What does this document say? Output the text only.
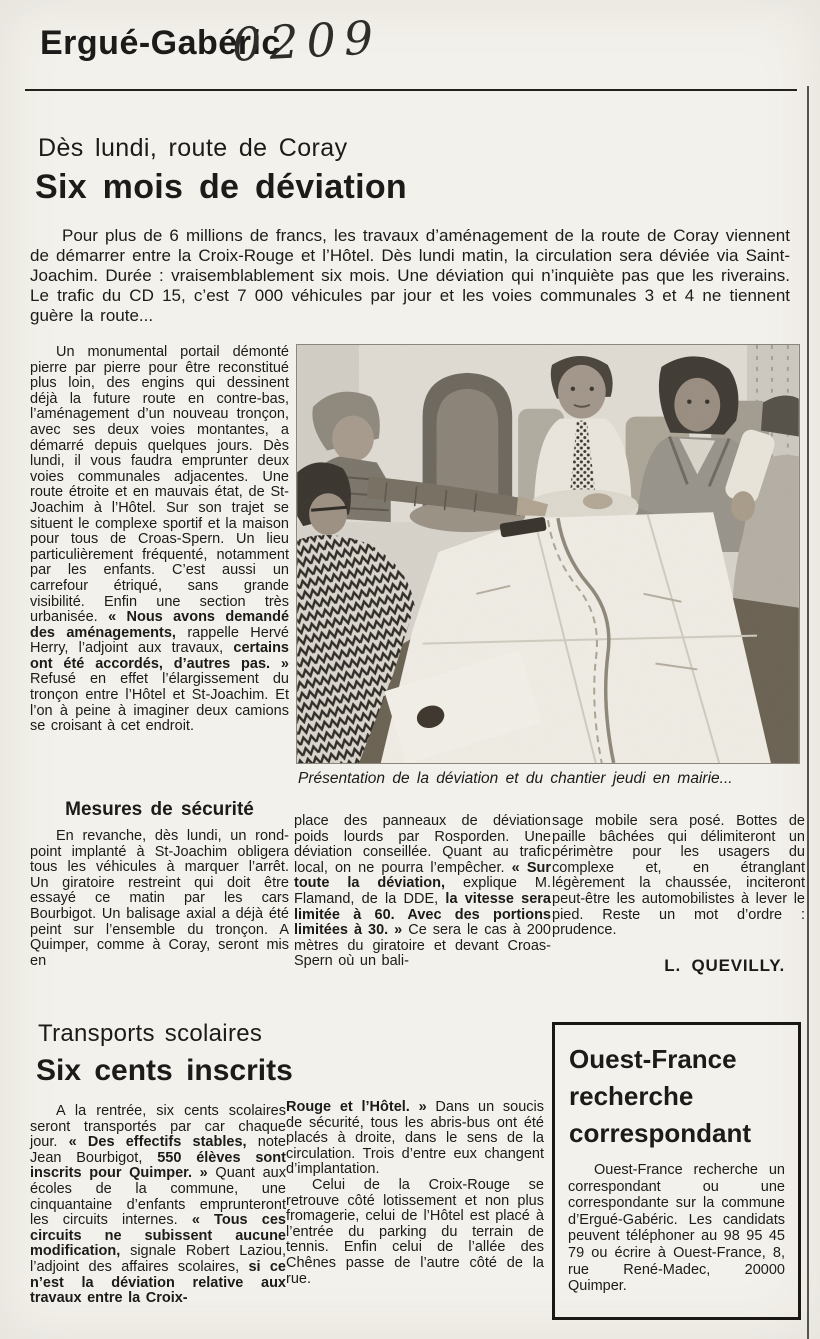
Ergué-Gabéric
0209
Dès lundi, route de Coray
Six mois de déviation

Pour plus de 6 millions de francs, les travaux d’aménagement de la route de Coray viennent de démarrer entre la Croix-Rouge et l’Hôtel. Dès lundi matin, la circulation sera déviée via Saint-Joachim. Durée : vraisemblablement six mois. Une déviation qui n’inquiète pas que les riverains. Le trafic du CD 15, c’est 7 000 véhicules par jour et les voies communales 3 et 4 ne tiennent guère la route...

Un monumental portail démonté pierre par pierre pour être reconstitué plus loin, des engins qui dessinent déjà la future route en contre-bas, l’aménagement d’un nouveau tronçon, avec ses deux voies montantes, a démarré depuis quelques jours. Dès lundi, il vous faudra emprunter deux voies communales adjacentes. Une route étroite et en mauvais état, de St-Joachim à l’Hôtel. Sur son trajet se situent le complexe sportif et la maison pour tous de Croas-Spern. Un lieu particulièrement fréquenté, notamment par les enfants. C’est aussi un carrefour étriqué, sans grande visibilité. Enfin une section très urbanisée. « Nous avons demandé des aménagements, rappelle Hervé Herry, l’adjoint aux travaux, certains ont été accordés, d’autres pas. » Refusé en effet l’élargissement du tronçon entre l’Hôtel et St-Joachim. Et l’on à peine à imaginer deux camions se croisant à cet endroit.

Présentation de la déviation et du chantier jeudi en mairie...
Mesures de sécurité

En revanche, dès lundi, un rond-point implanté à St-Joachim obligera tous les véhicules à marquer l’arrêt. Un giratoire restreint qui doit être essayé ce matin par les cars Bourbigot. Un balisage axial a déjà été peint sur l’ensemble du tronçon. A Quimper, comme à Coray, seront mis en

place des panneaux de déviation poids lourds par Rosporden. Une déviation conseillée. Quant au trafic local, on ne pourra l’empêcher. « Sur toute la déviation, explique M. Flamand, de la DDE, la vitesse sera limitée à 60. Avec des portions limitées à 30. » Ce sera le cas à 200 mètres du giratoire et devant Croas-Spern où un bali-

sage mobile sera posé. Bottes de paille bâchées qui délimiteront un périmètre pour les usagers du complexe et, en étranglant légèrement la chaussée, inciteront peut-être les automobilistes à lever le pied. Reste un mot d’ordre : prudence.

L. QUEVILLY.

Transports scolaires
Six cents inscrits

A la rentrée, six cents scolaires seront transportés par car chaque jour. « Des effectifs stables, note Jean Bourbigot, 550 élèves sont inscrits pour Quimper. » Quant aux écoles de la commune, une cinquantaine d’enfants emprunteront les circuits internes. « Tous ces circuits ne subissent aucune modification, signale Robert Laziou, l’adjoint des affaires scolaires, si ce n’est la déviation relative aux travaux entre la Croix-

Rouge et l’Hôtel. » Dans un soucis de sécurité, tous les abris-bus ont été placés à droite, dans le sens de la circulation. Trois d’entre eux changent d’implantation.

Celui de la Croix-Rouge se retrouve côté lotissement et non plus fromagerie, celui de l’Hôtel est placé à l’entrée du parking du terrain de tennis. Enfin celui de l’allée des Chênes passe de l’autre côté de la rue.

Ouest-France recherche correspondant

Ouest-France recherche un correspondant ou une correspondante sur la commune d’Ergué-Gabéric. Les candidats peuvent téléphoner au 98 95 45 79 ou écrire à Ouest-France, 8, rue René-Madec, 20000 Quimper.
